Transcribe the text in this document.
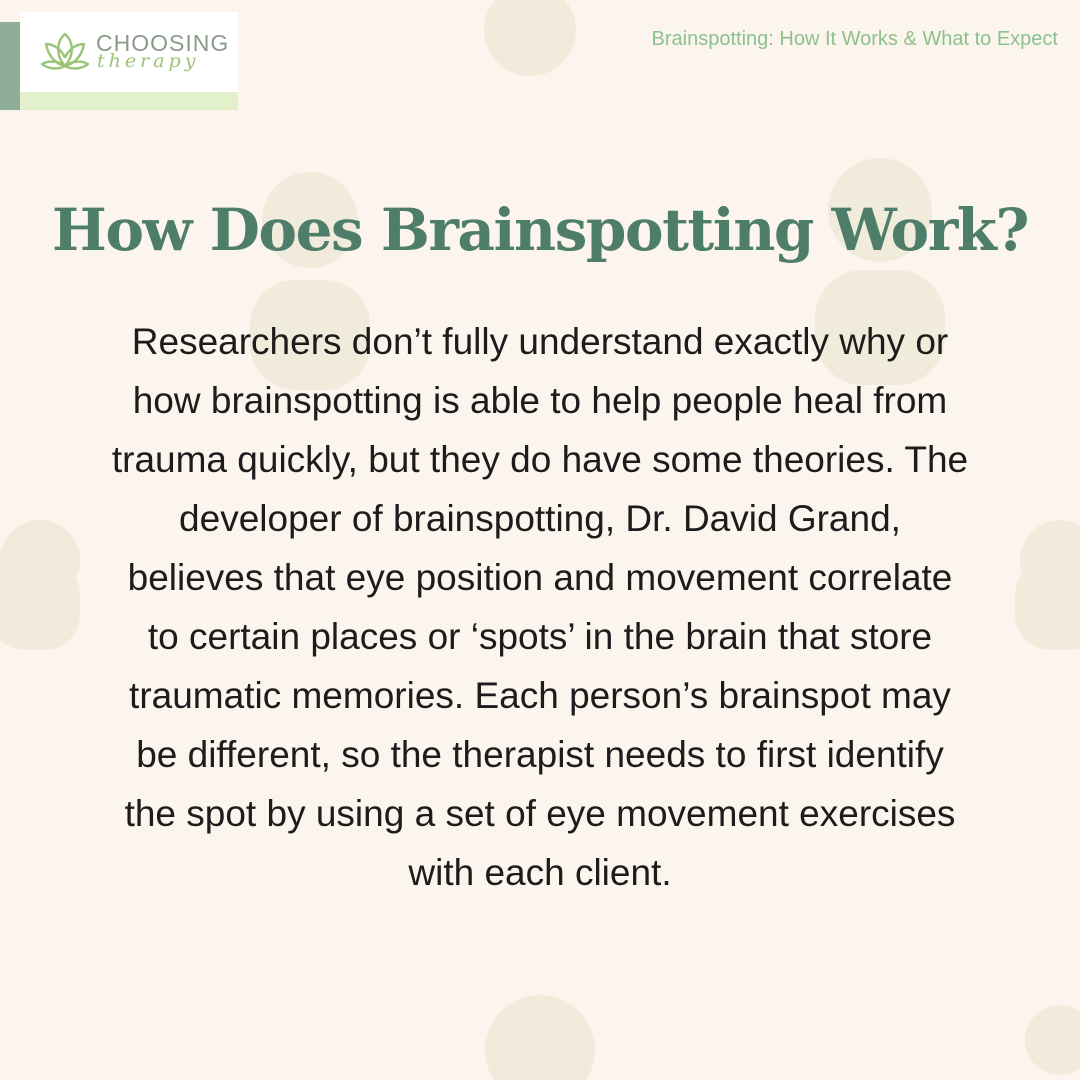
CHOOSING
therapy
Brainspotting: How It Works & What to Expect
How Does Brainspotting Work?

Researchers don’t fully understand exactly why or how brainspotting is able to help people heal from trauma quickly, but they do have some theories. The developer of brainspotting, Dr. David Grand, believes that eye position and movement correlate to certain places or ‘spots’ in the brain that store traumatic memories. Each person’s brainspot may be different, so the therapist needs to first identify the spot by using a set of eye movement exercises with each client.
